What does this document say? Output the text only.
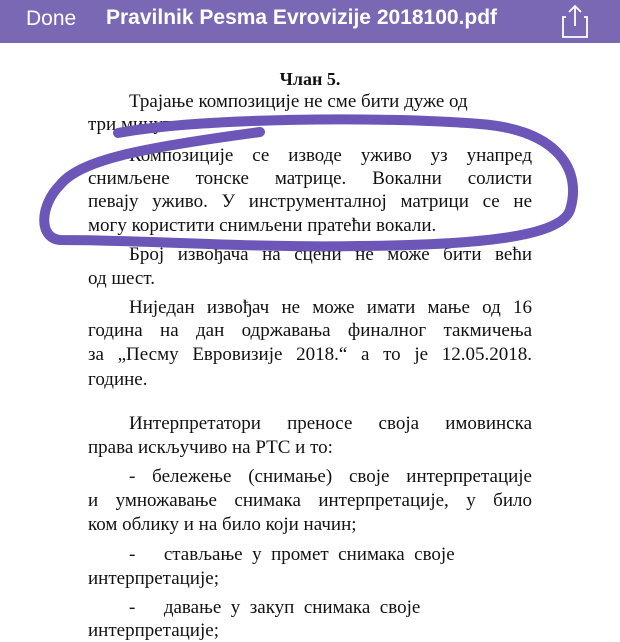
Done Pravilnik Pesma Evrovizije 2018100.pdf
Члан 5.
Трајање композиције не сме бити дуже од
три минута.
Композиције се изводе уживо уз унапред
снимљене тонске матрице. Вокални солисти
певају уживо. У инструменталној матрици се не
могу користити снимљени пратећи вокали.
Број извођача на сцени не може бити већи
од шест.
Ниједан извођач не може имати мање од 16
година на дан одржавања финалног такмичења
за „Песму Евровизије 2018.“ а то је 12.05.2018.
године.
Интерпретатори преносе своја имовинска
права искључиво на РТС и то:
- бележење (снимање) своје интерпретације
и умножавање снимака интерпретације, у било
ком облику и на било који начин;
-      стављање  у  промет  снимака  своје
интерпретације;
-      давање  у  закуп  снимака  своје
интерпретације;
